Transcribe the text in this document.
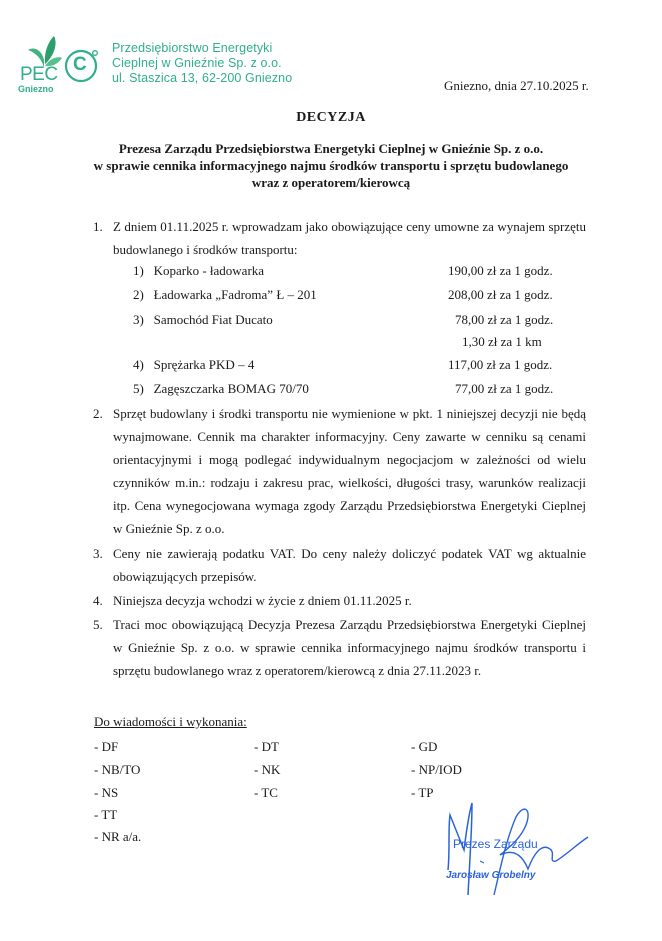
PEC
Gniezno
C
Przedsiębiorstwo Energetyki
Cieplnej w Gnieźnie Sp. z o.o.
ul. Staszica 13, 62-200 Gniezno	Gniezno, dnia 27.10.2025 r.
DECYZJA
Prezesa Zarządu Przedsiębiorstwa Energetyki Cieplnej w Gnieźnie Sp. z o.o.
w sprawie cennika informacyjnego najmu środków transportu i sprzętu budowlanego
wraz z operatorem/kierowcą
1. Z dniem 01.11.2025 r. wprowadzam jako obowiązujące ceny umowne za wynajem sprzętu budowlanego i środków transportu:
1) Koparko - ładowarka	190,00 zł za 1 godz.
2) Ładowarka „Fadroma” Ł – 201	208,00 zł za 1 godz.
3) Samochód Fiat Ducato	78,00 zł za 1 godz.
1,30 zł za 1 km
4) Sprężarka PKD – 4	117,00 zł za 1 godz.
5) Zagęszczarka BOMAG 70/70	77,00 zł za 1 godz.
2. Sprzęt budowlany i środki transportu nie wymienione w pkt. 1 niniejszej decyzji nie będą wynajmowane. Cennik ma charakter informacyjny. Ceny zawarte w cenniku są cenami orientacyjnymi i mogą podlegać indywidualnym negocjacjom w zależności od wielu czynników m.in.: rodzaju i zakresu prac, wielkości, długości trasy, warunków realizacji itp. Cena wynegocjowana wymaga zgody Zarządu Przedsiębiorstwa Energetyki Cieplnej w Gnieźnie Sp. z o.o.
3. Ceny nie zawierają podatku VAT. Do ceny należy doliczyć podatek VAT wg aktualnie obowiązujących przepisów.
4. Niniejsza decyzja wchodzi w życie z dniem 01.11.2025 r.
5. Traci moc obowiązującą Decyzja Prezesa Zarządu Przedsiębiorstwa Energetyki Cieplnej w Gnieźnie Sp. z o.o. w sprawie cennika informacyjnego najmu środków transportu i sprzętu budowlanego wraz z operatorem/kierowcą z dnia 27.11.2023 r.
Do wiadomości i wykonania:
- DF
- NB/TO
- NS
- TT
- NR a/a.
- DT
- NK
- TC
- GD
- NP/IOD
- TP
Prezes Zarządu
Jarosław Grobelny
